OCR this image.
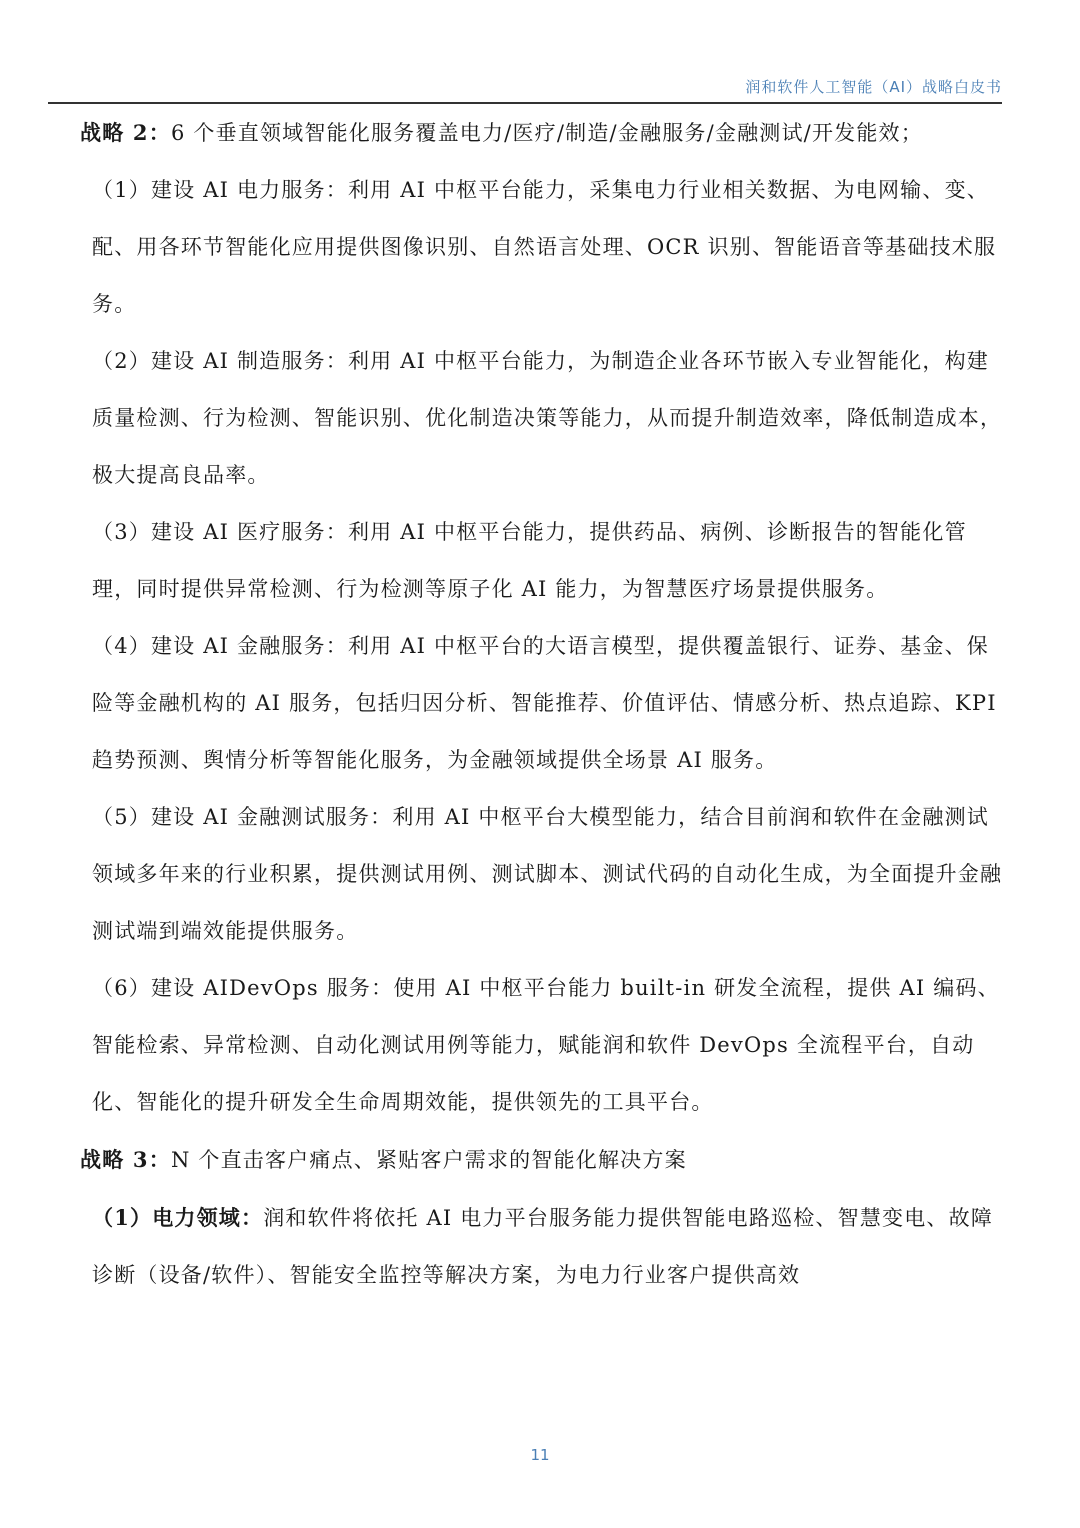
润和软件人工智能（AI）战略白皮书

战略 2：6 个垂直领域智能化服务覆盖电力/医疗/制造/金融服务/金融测试/开发能效；

（1）建设 AI 电力服务：利用 AI 中枢平台能力，采集电力行业相关数据、为电网输、变、配、用各环节智能化应用提供图像识别、自然语言处理、OCR 识别、智能语音等基础技术服务。

（2）建设 AI 制造服务：利用 AI 中枢平台能力，为制造企业各环节嵌入专业智能化，构建质量检测、行为检测、智能识别、优化制造决策等能力，从而提升制造效率，降低制造成本，极大提高良品率。

（3）建设 AI 医疗服务：利用 AI 中枢平台能力，提供药品、病例、诊断报告的智能化管理，同时提供异常检测、行为检测等原子化 AI 能力，为智慧医疗场景提供服务。

（4）建设 AI 金融服务：利用 AI 中枢平台的大语言模型，提供覆盖银行、证券、基金、保险等金融机构的 AI 服务，包括归因分析、智能推荐、价值评估、情感分析、热点追踪、KPI 趋势预测、舆情分析等智能化服务，为金融领域提供全场景 AI 服务。

（5）建设 AI 金融测试服务：利用 AI 中枢平台大模型能力，结合目前润和软件在金融测试领域多年来的行业积累，提供测试用例、测试脚本、测试代码的自动化生成，为全面提升金融测试端到端效能提供服务。

（6）建设 AIDevOps 服务：使用 AI 中枢平台能力 built-in 研发全流程，提供 AI 编码、智能检索、异常检测、自动化测试用例等能力，赋能润和软件 DevOps 全流程平台，自动化、智能化的提升研发全生命周期效能，提供领先的工具平台。

战略 3：N 个直击客户痛点、紧贴客户需求的智能化解决方案

（1）电力领域：润和软件将依托 AI 电力平台服务能力提供智能电路巡检、智慧变电、故障诊断（设备/软件）、智能安全监控等解决方案，为电力行业客户提供高效

11
